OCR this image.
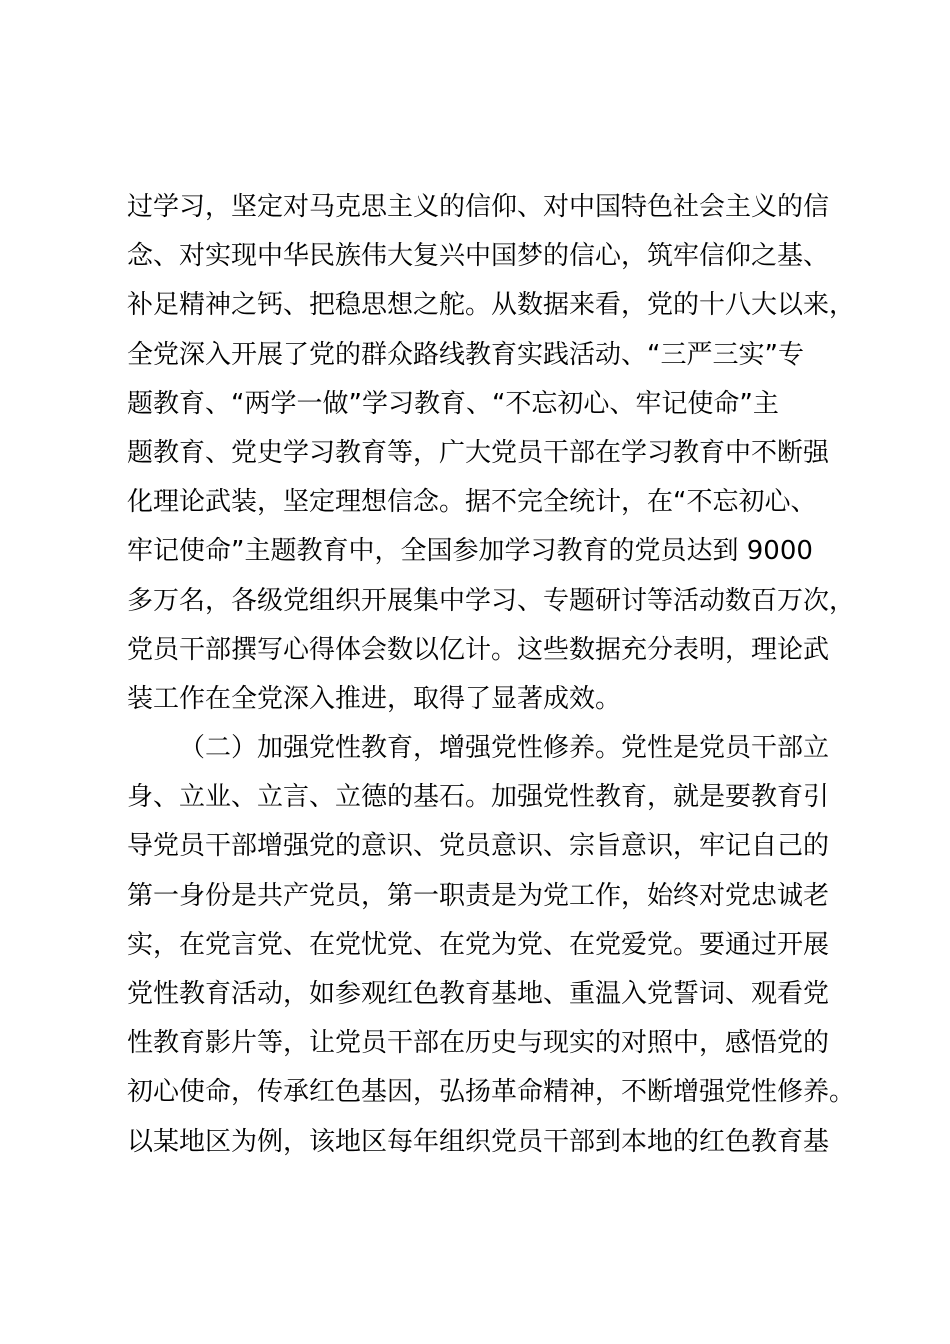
过学习，坚定对马克思主义的信仰、对中国特色社会主义的信
念、对实现中华民族伟大复兴中国梦的信心，筑牢信仰之基、
补足精神之钙、把稳思想之舵。从数据来看，党的十八大以来，
全党深入开展了党的群众路线教育实践活动、“三严三实”专
题教育、“两学一做”学习教育、“不忘初心、牢记使命”主
题教育、党史学习教育等，广大党员干部在学习教育中不断强
化理论武装，坚定理想信念。据不完全统计，在“不忘初心、
牢记使命”主题教育中，全国参加学习教育的党员达到 9000
多万名，各级党组织开展集中学习、专题研讨等活动数百万次，
党员干部撰写心得体会数以亿计。这些数据充分表明，理论武
装工作在全党深入推进，取得了显著成效。
（二）加强党性教育，增强党性修养。党性是党员干部立
身、立业、立言、立德的基石。加强党性教育，就是要教育引
导党员干部增强党的意识、党员意识、宗旨意识，牢记自己的
第一身份是共产党员，第一职责是为党工作，始终对党忠诚老
实，在党言党、在党忧党、在党为党、在党爱党。要通过开展
党性教育活动，如参观红色教育基地、重温入党誓词、观看党
性教育影片等，让党员干部在历史与现实的对照中，感悟党的
初心使命，传承红色基因，弘扬革命精神，不断增强党性修养。
以某地区为例，该地区每年组织党员干部到本地的红色教育基
